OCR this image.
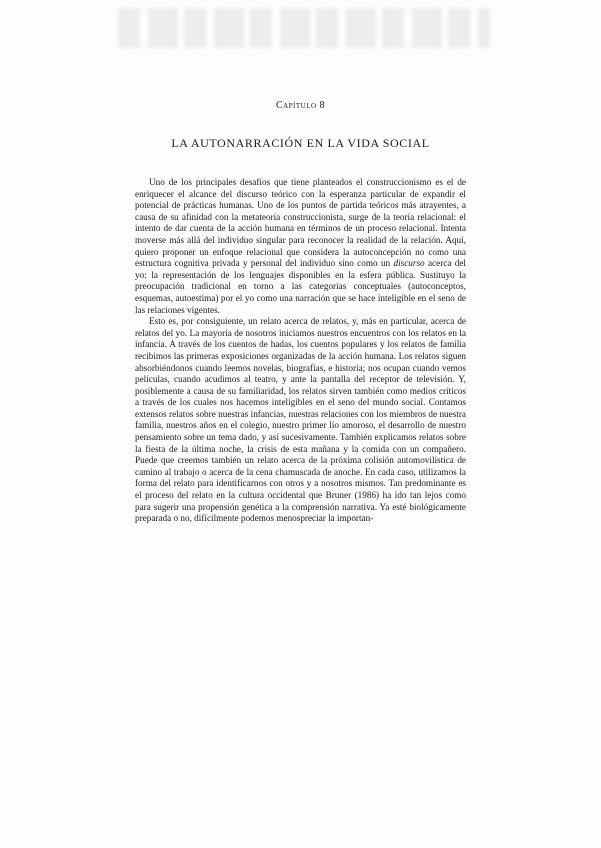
Capítulo 8
LA AUTONARRACIÓN EN LA VIDA SOCIAL

Uno de los principales desafíos que tiene planteados el construccionismo es el de enriquecer el alcance del discurso teórico con la esperanza particular de expandir el potencial de prácticas humanas. Uno de los puntos de partida teóricos más atrayentes, a causa de su afinidad con la metateoría construccionista, surge de la teoría relacional: el intento de dar cuenta de la acción humana en términos de un proceso relacional. Intenta moverse más allá del individuo singular para reconocer la realidad de la relación. Aquí, quiero proponer un enfoque relacional que considera la autoconcepción no como una estructura cognitiva privada y personal del individuo sino como un discurso acerca del yo: la representación de los lenguajes disponibles en la esfera pública. Sustituyo la preocupación tradicional en torno a las categorías conceptuales (autoconceptos, esquemas, autoestima) por el yo como una narración que se hace inteligible en el seno de las relaciones vigentes.

Esto es, por consiguiente, un relato acerca de relatos, y, más en particular, acerca de relatos del yo. La mayoría de nosotros iniciamos nuestros encuentros con los relatos en la infancia. A través de los cuentos de hadas, los cuentos populares y los relatos de familia recibimos las primeras exposiciones organizadas de la acción humana. Los relatos siguen absorbiéndonos cuando leemos novelas, biografías, e historia; nos ocupan cuando vemos películas, cuando acudimos al teatro, y ante la pantalla del receptor de televisión. Y, posiblemente a causa de su familiaridad, los relatos sirven también como medios críticos a través de los cuales nos hacemos inteligibles en el seno del mundo social. Contamos extensos relatos sobre nuestras infancias, nuestras relaciones con los miembros de nuestra familia, nuestros años en el colegio, nuestro primer lío amoroso, el desarrollo de nuestro pensamiento sobre un tema dado, y así sucesivamente. También explicamos relatos sobre la fiesta de la última noche, la crisis de esta mañana y la comida con un compañero. Puede que creemos también un relato acerca de la próxima colisión automovilística de camino al trabajo o acerca de la cena chamuscada de anoche. En cada caso, utilizamos la forma del relato para identificarnos con otros y a nosotros mismos. Tan predominante es el proceso del relato en la cultura occidental que Bruner (1986) ha ido tan lejos como para sugerir una propensión genética a la comprensión narrativa. Ya esté biológicamente preparada o no, difícilmente podemos menospreciar la importan-
